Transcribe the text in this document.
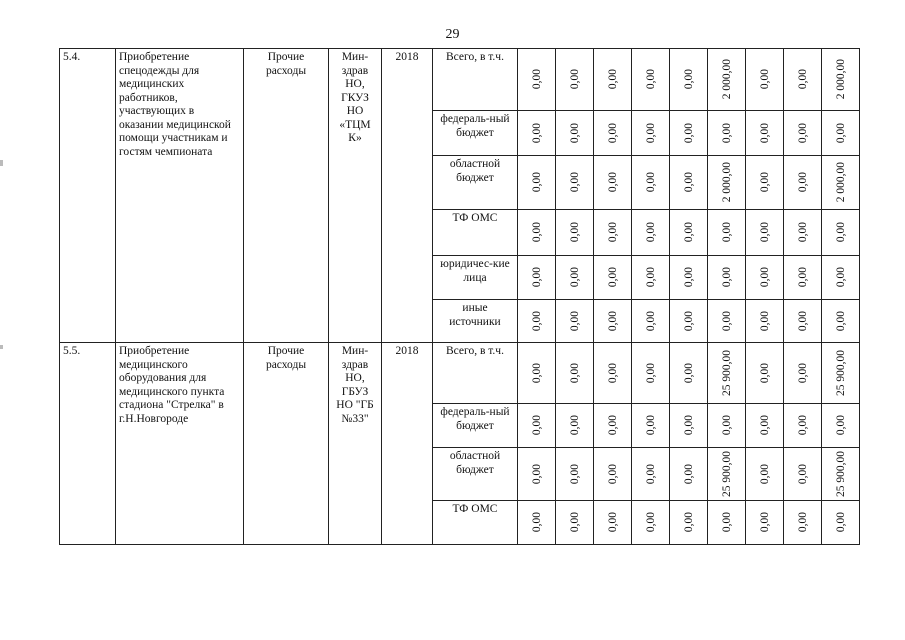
29
5.4.	Приобретение спецодежды для медицинских работников, участвующих в оказании медицинской помощи участникам и гостям чемпионата	Прочие расходы	Мин-здрав НО, ГКУЗ НО «ТЦМ К»	2018	Всего, в т.ч.	0,00	0,00	0,00	0,00	0,00	2 000,00	0,00	0,00	2 000,00

					федераль-ный бюджет	0,00	0,00	0,00	0,00	0,00	0,00	0,00	0,00	0,00

					областной бюджет	0,00	0,00	0,00	0,00	0,00	2 000,00	0,00	0,00	2 000,00

					ТФ ОМС	0,00	0,00	0,00	0,00	0,00	0,00	0,00	0,00	0,00

					юридичес-кие лица	0,00	0,00	0,00	0,00	0,00	0,00	0,00	0,00	0,00

					иные источники	0,00	0,00	0,00	0,00	0,00	0,00	0,00	0,00	0,00

5.5.	Приобретение медицинского оборудования для медицинского пункта стадиона "Стрелка" в г.Н.Новгороде	Прочие расходы	Мин-здрав НО, ГБУЗ НО "ГБ №33"	2018	Всего, в т.ч.	0,00	0,00	0,00	0,00	0,00	25 900,00	0,00	0,00	25 900,00

					федераль-ный бюджет	0,00	0,00	0,00	0,00	0,00	0,00	0,00	0,00	0,00

					областной бюджет	0,00	0,00	0,00	0,00	0,00	25 900,00	0,00	0,00	25 900,00

					ТФ ОМС	0,00	0,00	0,00	0,00	0,00	0,00	0,00	0,00	0,00
